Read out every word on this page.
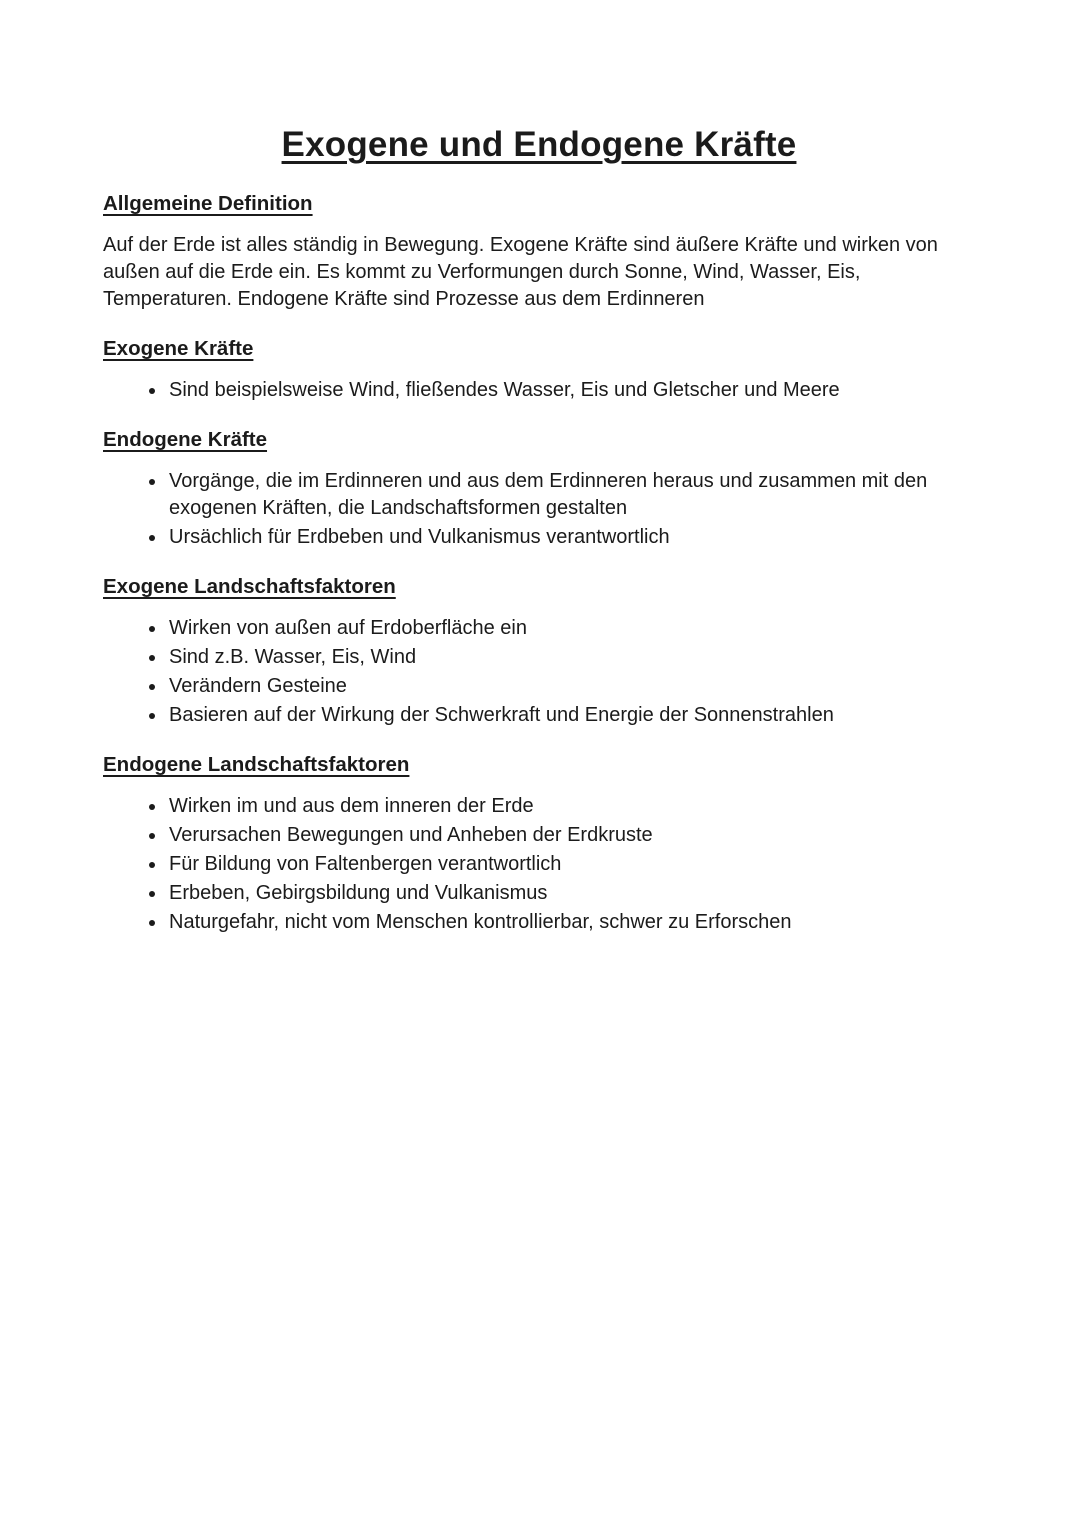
Exogene und Endogene Kräfte
Allgemeine Definition

Auf der Erde ist alles ständig in Bewegung. Exogene Kräfte sind äußere Kräfte und wirken von außen auf die Erde ein. Es kommt zu Verformungen durch Sonne, Wind, Wasser, Eis, Temperaturen. Endogene Kräfte sind Prozesse aus dem Erdinneren

Exogene Kräfte
• Sind beispielsweise Wind, fließendes Wasser, Eis und Gletscher und Meere
Endogene Kräfte
• Vorgänge, die im Erdinneren und aus dem Erdinneren heraus und zusammen mit den exogenen Kräften, die Landschaftsformen gestalten
• Ursächlich für Erdbeben und Vulkanismus verantwortlich
Exogene Landschaftsfaktoren
• Wirken von außen auf Erdoberfläche ein
• Sind z.B. Wasser, Eis, Wind
• Verändern Gesteine
• Basieren auf der Wirkung der Schwerkraft und Energie der Sonnenstrahlen
Endogene Landschaftsfaktoren
• Wirken im und aus dem inneren der Erde
• Verursachen Bewegungen und Anheben der Erdkruste
• Für Bildung von Faltenbergen verantwortlich
• Erbeben, Gebirgsbildung und Vulkanismus
• Naturgefahr, nicht vom Menschen kontrollierbar, schwer zu Erforschen
